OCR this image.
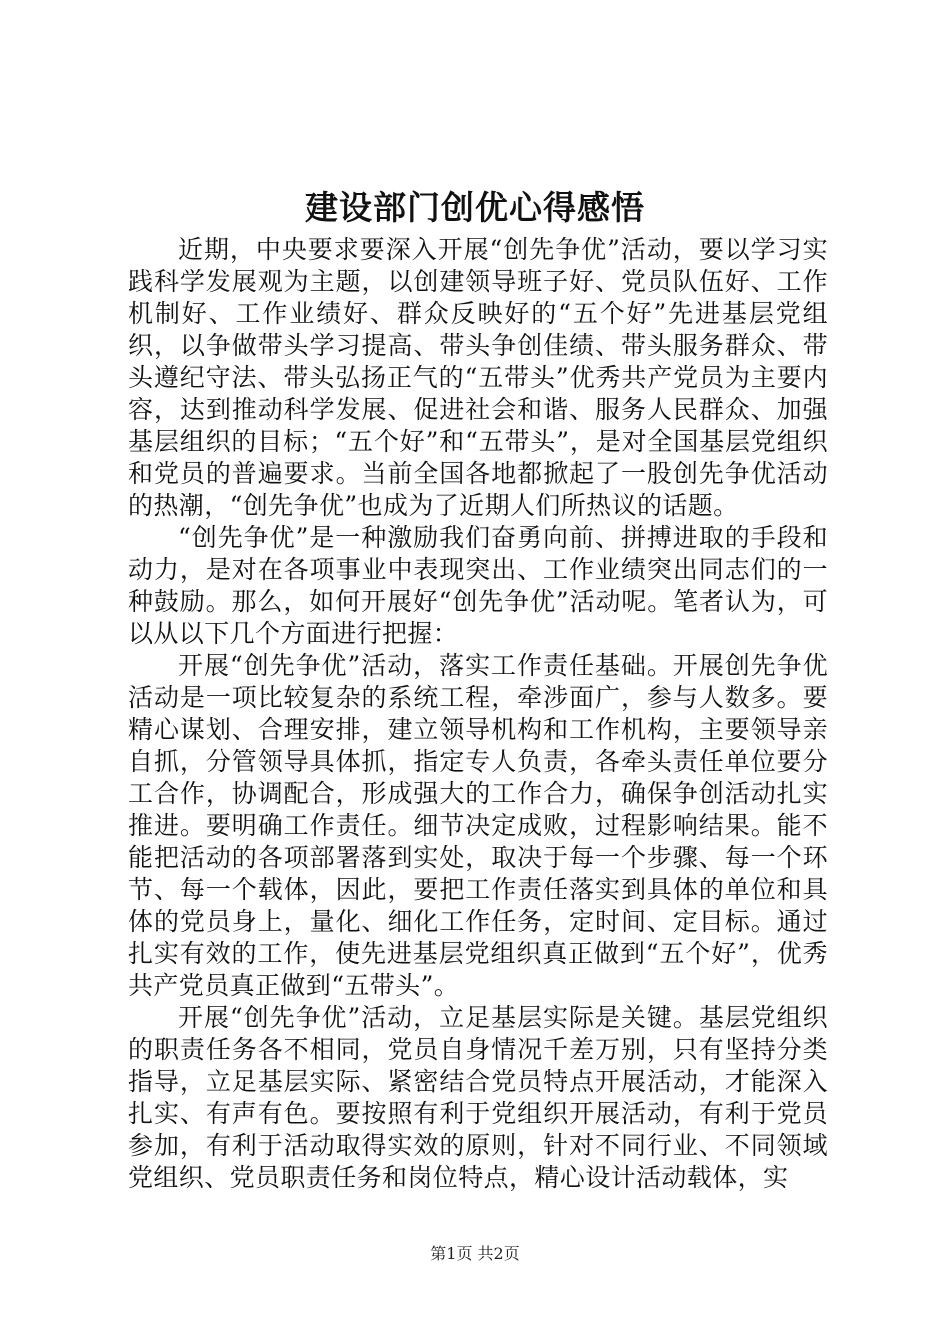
建设部门创优心得感悟

近期，中央要求要深入开展“创先争优”活动，要以学习实践科学发展观为主题，以创建领导班子好、党员队伍好、工作机制好、工作业绩好、群众反映好的“五个好”先进基层党组织，以争做带头学习提高、带头争创佳绩、带头服务群众、带头遵纪守法、带头弘扬正气的“五带头”优秀共产党员为主要内容，达到推动科学发展、促进社会和谐、服务人民群众、加强基层组织的目标；“五个好”和“五带头”，是对全国基层党组织和党员的普遍要求。当前全国各地都掀起了一股创先争优活动的热潮，“创先争优”也成为了近期人们所热议的话题。

“创先争优”是一种激励我们奋勇向前、拼搏进取的手段和动力，是对在各项事业中表现突出、工作业绩突出同志们的一种鼓励。那么，如何开展好“创先争优”活动呢。笔者认为，可以从以下几个方面进行把握：

开展“创先争优”活动，落实工作责任基础。开展创先争优活动是一项比较复杂的系统工程，牵涉面广，参与人数多。要精心谋划、合理安排，建立领导机构和工作机构，主要领导亲自抓，分管领导具体抓，指定专人负责，各牵头责任单位要分工合作，协调配合，形成强大的工作合力，确保争创活动扎实推进。要明确工作责任。细节决定成败，过程影响结果。能不能把活动的各项部署落到实处，取决于每一个步骤、每一个环节、每一个载体，因此，要把工作责任落实到具体的单位和具体的党员身上，量化、细化工作任务，定时间、定目标。通过扎实有效的工作，使先进基层党组织真正做到“五个好”，优秀共产党员真正做到“五带头”。

开展“创先争优”活动，立足基层实际是关键。基层党组织的职责任务各不相同，党员自身情况千差万别，只有坚持分类指导，立足基层实际、紧密结合党员特点开展活动，才能深入扎实、有声有色。要按照有利于党组织开展活动，有利于党员参加，有利于活动取得实效的原则，针对不同行业、不同领域党组织、党员职责任务和岗位特点，精心设计活动载体，实

第1页 共2页
